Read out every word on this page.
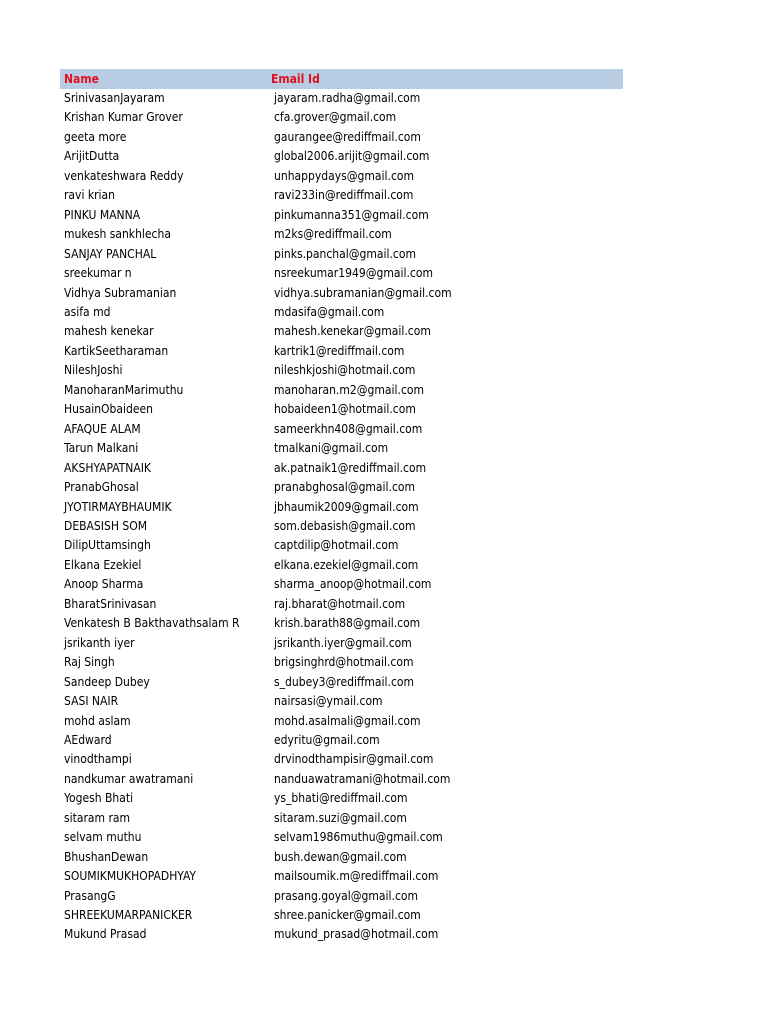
Name	Email Id
SrinivasanJayaram	jayaram.radha@gmail.com
Krishan Kumar Grover	cfa.grover@gmail.com
geeta more	gaurangee@rediffmail.com
ArijitDutta	global2006.arijit@gmail.com
venkateshwara Reddy	unhappydays@gmail.com
ravi krian	ravi233in@rediffmail.com
PINKU MANNA	pinkumanna351@gmail.com
mukesh sankhlecha	m2ks@rediffmail.com
SANJAY PANCHAL	pinks.panchal@gmail.com
sreekumar n	nsreekumar1949@gmail.com
Vidhya Subramanian	vidhya.subramanian@gmail.com
asifa md	mdasifa@gmail.com
mahesh kenekar	mahesh.kenekar@gmail.com
KartikSeetharaman	kartrik1@rediffmail.com
NileshJoshi	nileshkjoshi@hotmail.com
ManoharanMarimuthu	manoharan.m2@gmail.com
HusainObaideen	hobaideen1@hotmail.com
AFAQUE ALAM	sameerkhn408@gmail.com
Tarun Malkani	tmalkani@gmail.com
AKSHYAPATNAIK	ak.patnaik1@rediffmail.com
PranabGhosal	pranabghosal@gmail.com
JYOTIRMAYBHAUMIK	jbhaumik2009@gmail.com
DEBASISH SOM	som.debasish@gmail.com
DilipUttamsingh	captdilip@hotmail.com
Elkana Ezekiel	elkana.ezekiel@gmail.com
Anoop Sharma	sharma_anoop@hotmail.com
BharatSrinivasan	raj.bharat@hotmail.com
Venkatesh B Bakthavathsalam R	krish.barath88@gmail.com
jsrikanth iyer	jsrikanth.iyer@gmail.com
Raj Singh	brigsinghrd@hotmail.com
Sandeep Dubey	s_dubey3@rediffmail.com
SASI NAIR	nairsasi@ymail.com
mohd aslam	mohd.asalmali@gmail.com
AEdward	edyritu@gmail.com
vinodthampi	drvinodthampisir@gmail.com
nandkumar awatramani	nanduawatramani@hotmail.com
Yogesh Bhati	ys_bhati@rediffmail.com
sitaram ram	sitaram.suzi@gmail.com
selvam muthu	selvam1986muthu@gmail.com
BhushanDewan	bush.dewan@gmail.com
SOUMIKMUKHOPADHYAY	mailsoumik.m@rediffmail.com
PrasangG	prasang.goyal@gmail.com
SHREEKUMARPANICKER	shree.panicker@gmail.com
Mukund Prasad	mukund_prasad@hotmail.com
